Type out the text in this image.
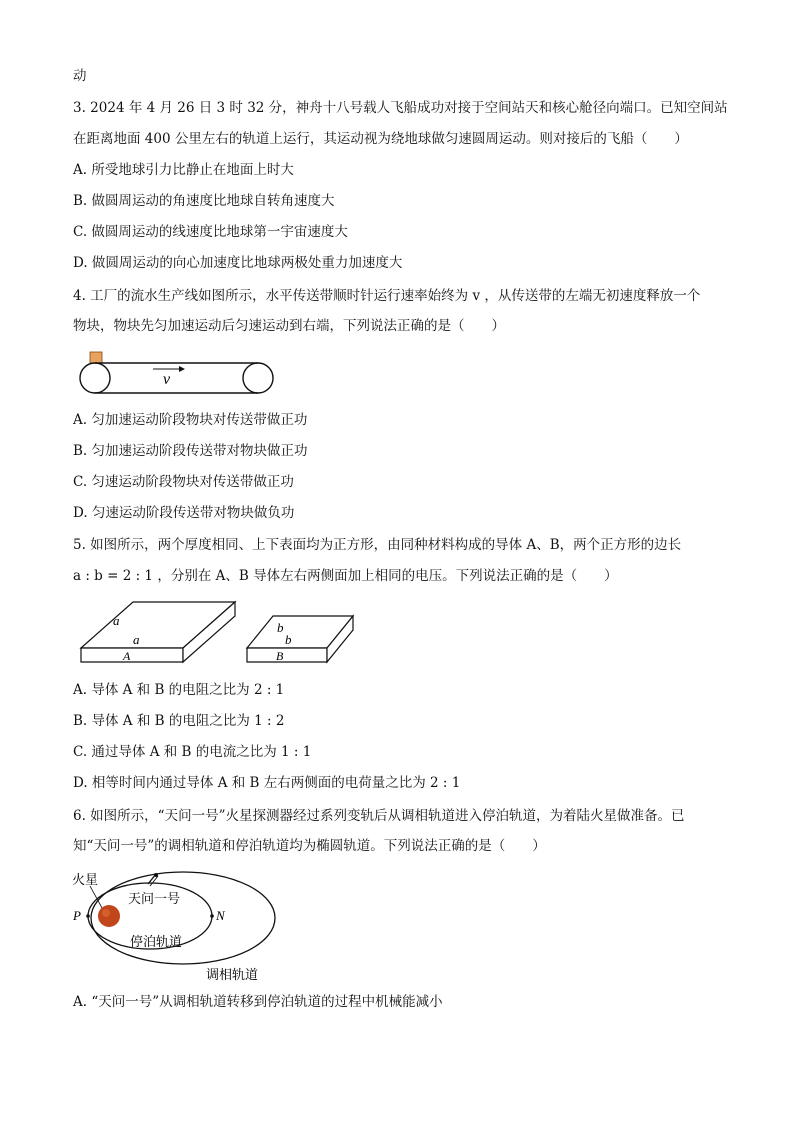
动
3. 2024 年 4 月 26 日 3 时 32 分，神舟十八号载人飞船成功对接于空间站天和核心舱径向端口。已知空间站
在距离地面 400 公里左右的轨道上运行，其运动视为绕地球做匀速圆周运动。则对接后的飞船（　　）
A. 所受地球引力比静止在地面上时大
B. 做圆周运动的角速度比地球自转角速度大
C. 做圆周运动的线速度比地球第一宇宙速度大
D. 做圆周运动的向心加速度比地球两极处重力加速度大
4. 工厂的流水生产线如图所示，水平传送带顺时针运行速率始终为 v ，从传送带的左端无初速度释放一个
物块，物块先匀加速运动后匀速运动到右端，下列说法正确的是（　　）
v
A. 匀加速运动阶段物块对传送带做正功
B. 匀加速运动阶段传送带对物块做正功
C. 匀速运动阶段物块对传送带做正功
D. 匀速运动阶段传送带对物块做负功
5. 如图所示，两个厚度相同、上下表面均为正方形，由同种材料构成的导体 A、B，两个正方形的边长
a : b = 2 : 1 ，分别在 A、B 导体左右两侧面加上相同的电压。下列说法正确的是（　　）
a
a
A
b
b
B
A. 导体 A 和 B 的电阻之比为 2 : 1
B. 导体 A 和 B 的电阻之比为 1 : 2
C. 通过导体 A 和 B 的电流之比为 1 : 1
D. 相等时间内通过导体 A 和 B 左右两侧面的电荷量之比为 2 : 1
6. 如图所示，“天问一号”火星探测器经过系列变轨后从调相轨道进入停泊轨道，为着陆火星做准备。已
知“天问一号”的调相轨道和停泊轨道均为椭圆轨道。下列说法正确的是（　　）
火星
天问一号
P	N
停泊轨道
调相轨道
A. “天问一号”从调相轨道转移到停泊轨道的过程中机械能减小
